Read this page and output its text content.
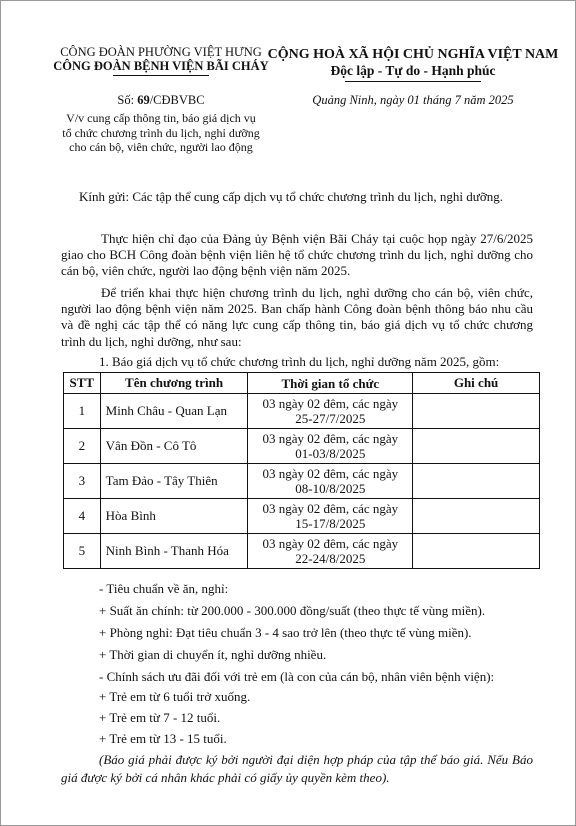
CÔNG ĐOÀN PHƯỜNG VIỆT HƯNG
CÔNG ĐOÀN BỆNH VIỆN BÃI CHÁY
CỘNG HOÀ XÃ HỘI CHỦ NGHĨA VIỆT NAM
Độc lập - Tự do - Hạnh phúc
Số: 69/CĐBVBC	Quảng Ninh, ngày 01 tháng 7 năm 2025
V/v cung cấp thông tin, báo giá dịch vụ
tổ chức chương trình du lịch, nghỉ dưỡng
cho cán bộ, viên chức, người lao động
Kính gửi: Các tập thể cung cấp dịch vụ tổ chức chương trình du lịch, nghỉ dưỡng.
Thực hiện chỉ đạo của Đảng ủy Bệnh viện Bãi Cháy tại cuộc họp ngày 27/6/2025 giao cho BCH Công đoàn bệnh viện liên hệ tổ chức chương trình du lịch, nghỉ dưỡng cho cán bộ, viên chức, người lao động bệnh viện năm 2025.
Để triển khai thực hiện chương trình du lịch, nghỉ dưỡng cho cán bộ, viên chức, người lao động bệnh viện năm 2025. Ban chấp hành Công đoàn bệnh thông báo nhu cầu và đề nghị các tập thể có năng lực cung cấp thông tin, báo giá dịch vụ tổ chức chương trình du lịch, nghỉ dưỡng, như sau:
1. Báo giá dịch vụ tổ chức chương trình du lịch, nghỉ dưỡng năm 2025, gồm:
STT	Tên chương trình	Thời gian tổ chức	Ghi chú
1	Minh Châu - Quan Lạn	03 ngày 02 đêm, các ngày
25-27/7/2025	

2	Vân Đồn - Cô Tô	03 ngày 02 đêm, các ngày
01-03/8/2025	

3	Tam Đảo - Tây Thiên	03 ngày 02 đêm, các ngày
08-10/8/2025	

4	Hòa Bình	03 ngày 02 đêm, các ngày
15-17/8/2025	

5	Ninh Bình - Thanh Hóa	03 ngày 02 đêm, các ngày
22-24/8/2025	

- Tiêu chuẩn về ăn, nghỉ:
+ Suất ăn chính: từ 200.000 - 300.000 đồng/suất (theo thực tế vùng miền).
+ Phòng nghỉ: Đạt tiêu chuẩn 3 - 4 sao trở lên (theo thực tế vùng miền).
+ Thời gian di chuyển ít, nghỉ dưỡng nhiều.
- Chính sách ưu đãi đối với trẻ em (là con của cán bộ, nhân viên bệnh viện):
+ Trẻ em từ 6 tuổi trở xuống.
+ Trẻ em từ 7 - 12 tuổi.
+ Trẻ em từ 13 - 15 tuổi.
(Báo giá phải được ký bởi người đại diện hợp pháp của tập thể báo giá. Nếu Báo giá được ký bởi cá nhân khác phải có giấy ủy quyền kèm theo).
